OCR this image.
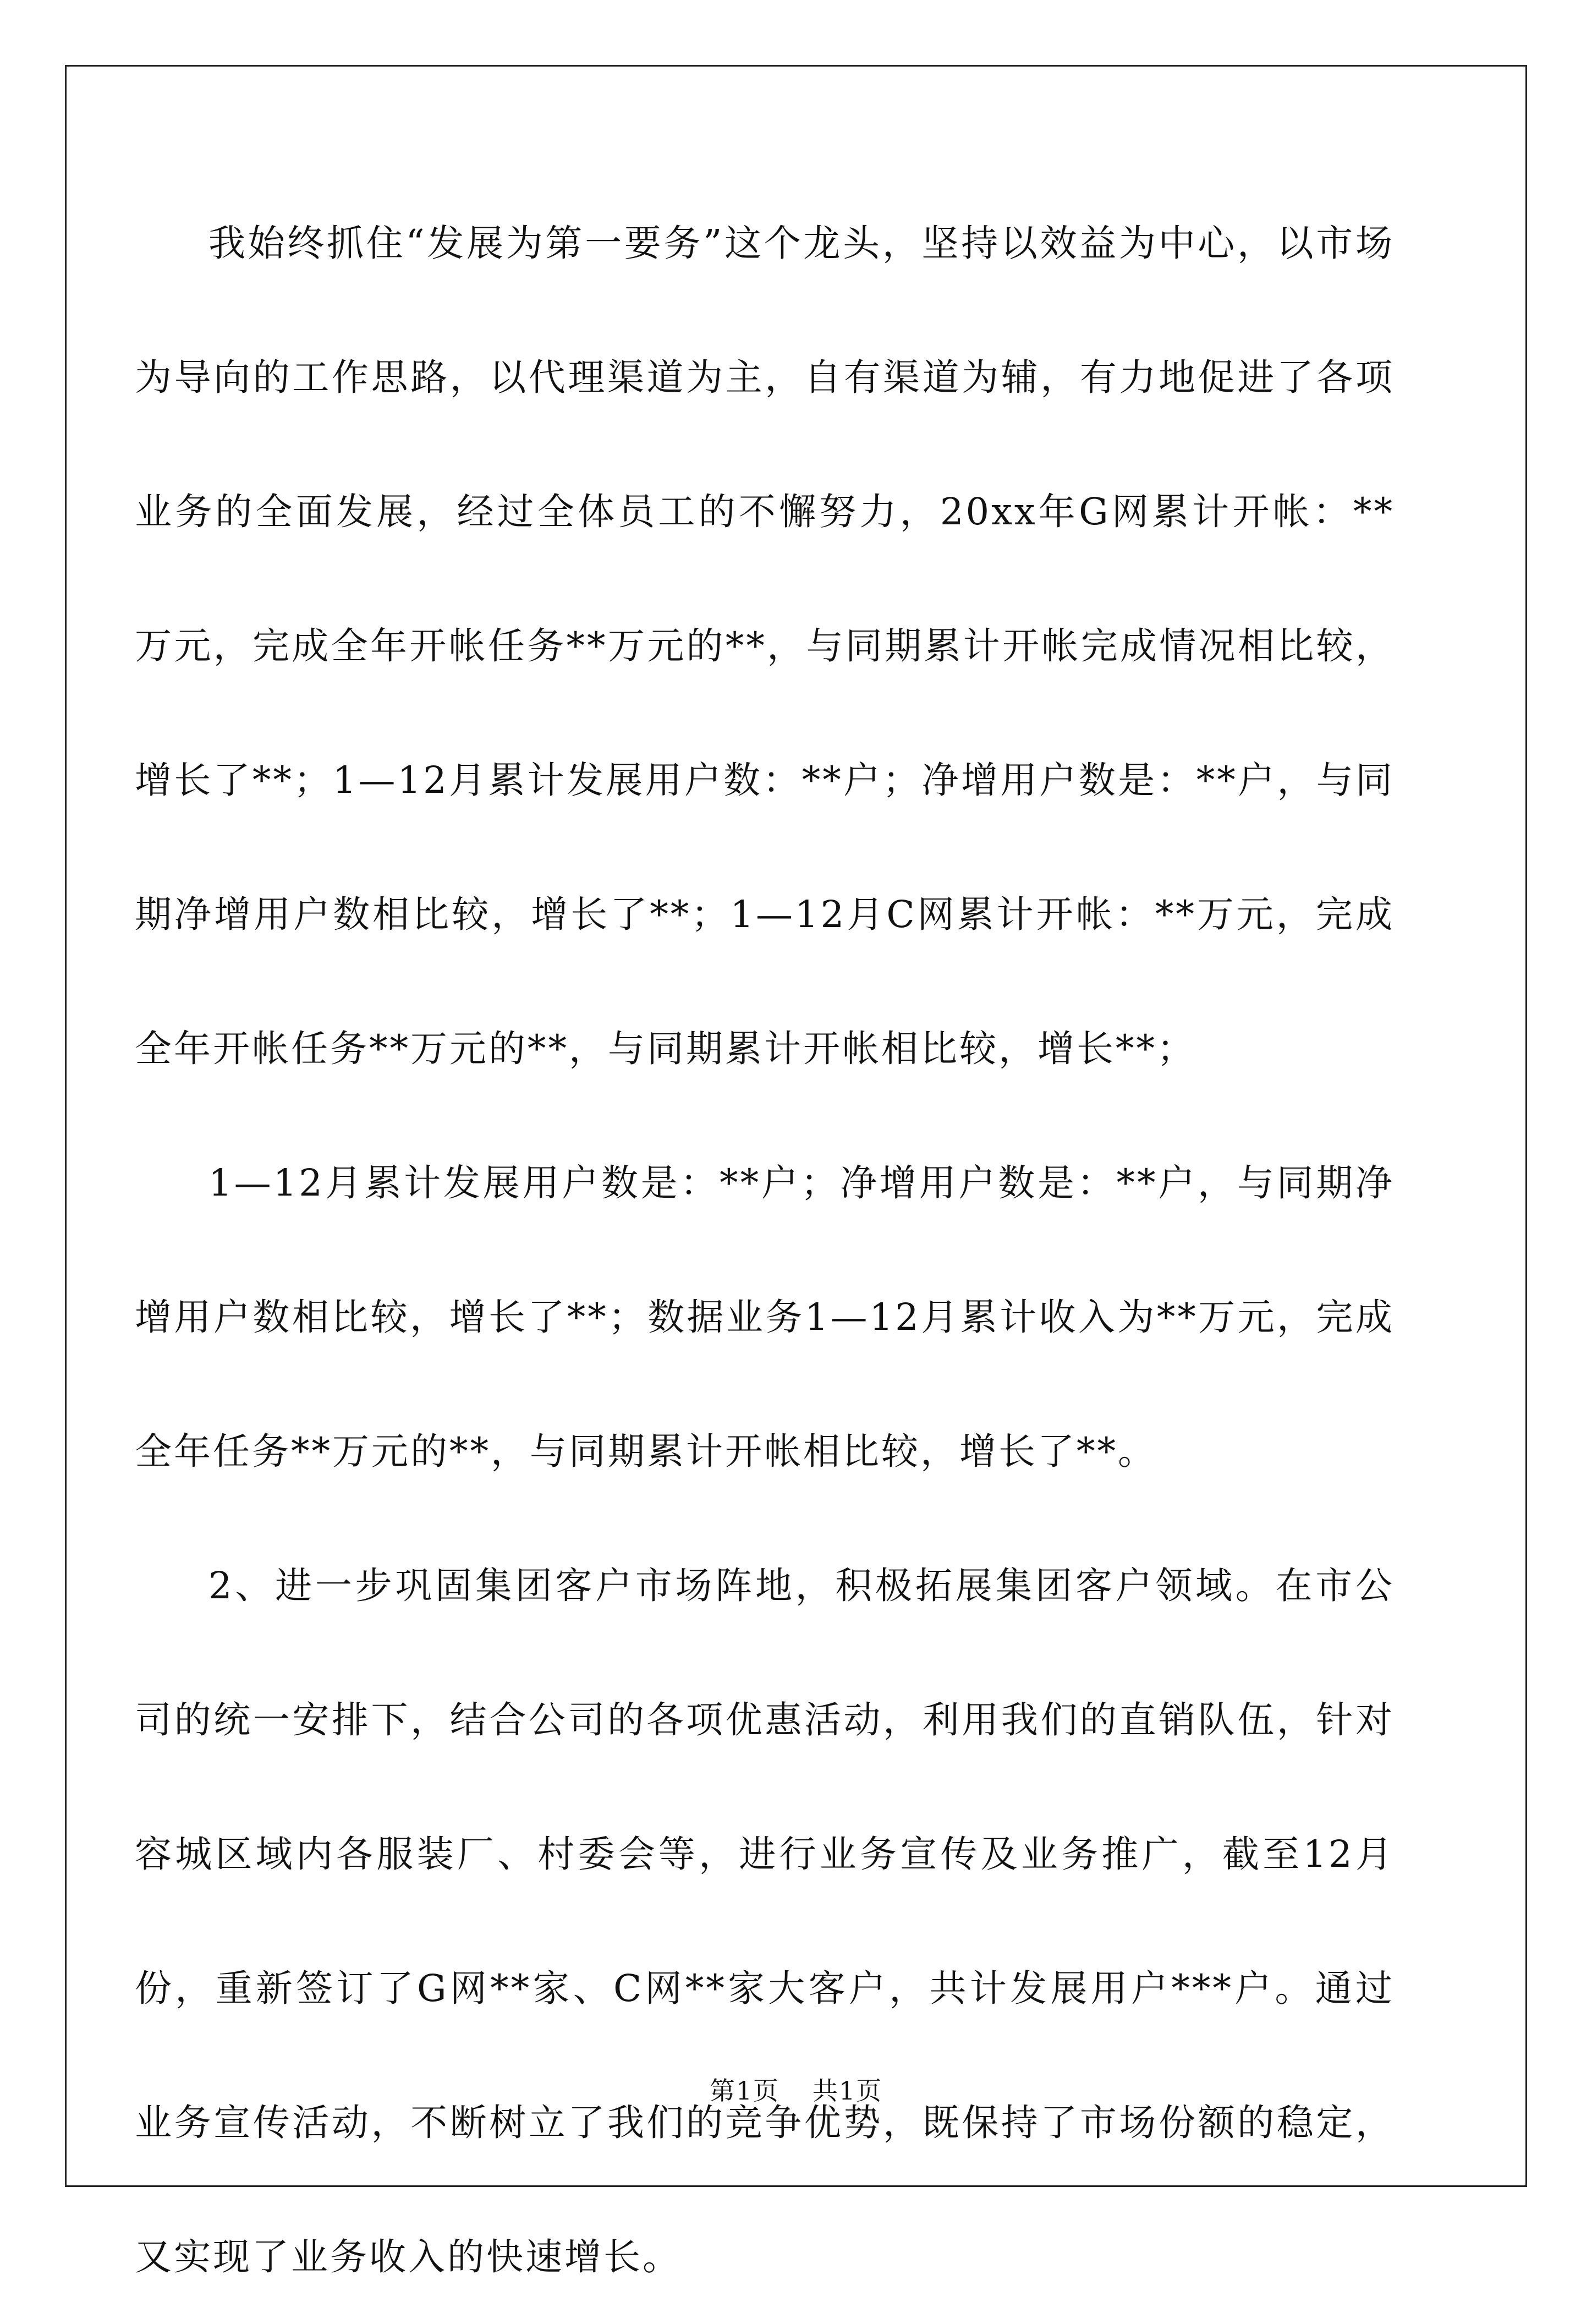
我始终抓住“发展为第一要务”这个龙头，坚持以效益为中心，以市场为导向的工作思路，以代理渠道为主，自有渠道为辅，有力地促进了各项业务的全面发展，经过全体员工的不懈努力，20xx年G网累计开帐：**万元，完成全年开帐任务**万元的**，与同期累计开帐完成情况相比较，增长了**；1—12月累计发展用户数：**户；净增用户数是：**户，与同期净增用户数相比较，增长了**；1—12月C网累计开帐：**万元，完成全年开帐任务**万元的**，与同期累计开帐相比较，增长**；

1—12月累计发展用户数是：**户；净增用户数是：**户，与同期净增用户数相比较，增长了**；数据业务1—12月累计收入为**万元，完成全年任务**万元的**，与同期累计开帐相比较，增长了**。

2、进一步巩固集团客户市场阵地，积极拓展集团客户领域。在市公司的统一安排下，结合公司的各项优惠活动，利用我们的直销队伍，针对容城区域内各服装厂、村委会等，进行业务宣传及业务推广，截至12月份，重新签订了G网**家、C网**家大客户，共计发展用户***户。通过业务宣传活动，不断树立了我们的竞争优势，既保持了市场份额的稳定，又实现了业务收入的快速增长。

第1页 共1页
